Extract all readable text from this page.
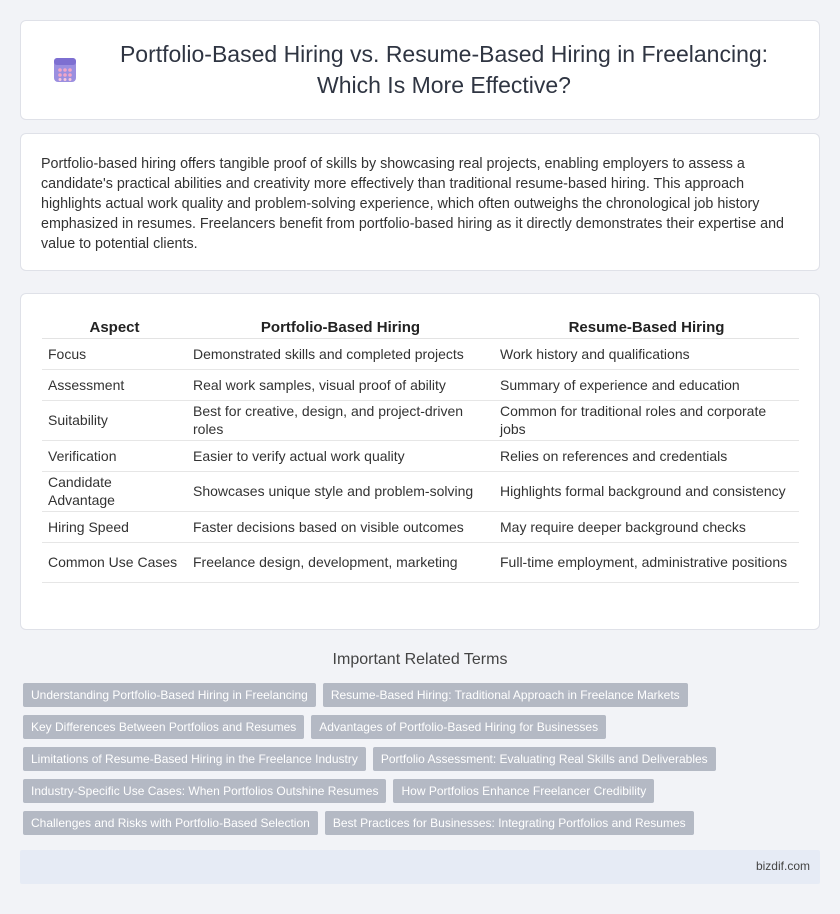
Portfolio-Based Hiring vs. Resume-Based Hiring in Freelancing: Which Is More Effective?

Portfolio-based hiring offers tangible proof of skills by showcasing real projects, enabling employers to assess a candidate's practical abilities and creativity more effectively than traditional resume-based hiring. This approach highlights actual work quality and problem-solving experience, which often outweighs the chronological job history emphasized in resumes. Freelancers benefit from portfolio-based hiring as it directly demonstrates their expertise and value to potential clients.

Aspect	Portfolio-Based Hiring	Resume-Based Hiring
Focus	Demonstrated skills and completed projects	Work history and qualifications
Assessment	Real work samples, visual proof of ability	Summary of experience and education
Suitability	Best for creative, design, and project-driven roles	Common for traditional roles and corporate jobs
Verification	Easier to verify actual work quality	Relies on references and credentials
Candidate Advantage	Showcases unique style and problem-solving	Highlights formal background and consistency
Hiring Speed	Faster decisions based on visible outcomes	May require deeper background checks
Common Use Cases	Freelance design, development, marketing	Full-time employment, administrative positions
Important Related Terms
Understanding Portfolio-Based Hiring in Freelancing	Resume-Based Hiring: Traditional Approach in Freelance Markets
Key Differences Between Portfolios and Resumes	Advantages of Portfolio-Based Hiring for Businesses
Limitations of Resume-Based Hiring in the Freelance Industry	Portfolio Assessment: Evaluating Real Skills and Deliverables
Industry-Specific Use Cases: When Portfolios Outshine Resumes	How Portfolios Enhance Freelancer Credibility
Challenges and Risks with Portfolio-Based Selection	Best Practices for Businesses: Integrating Portfolios and Resumes
bizdif.com
